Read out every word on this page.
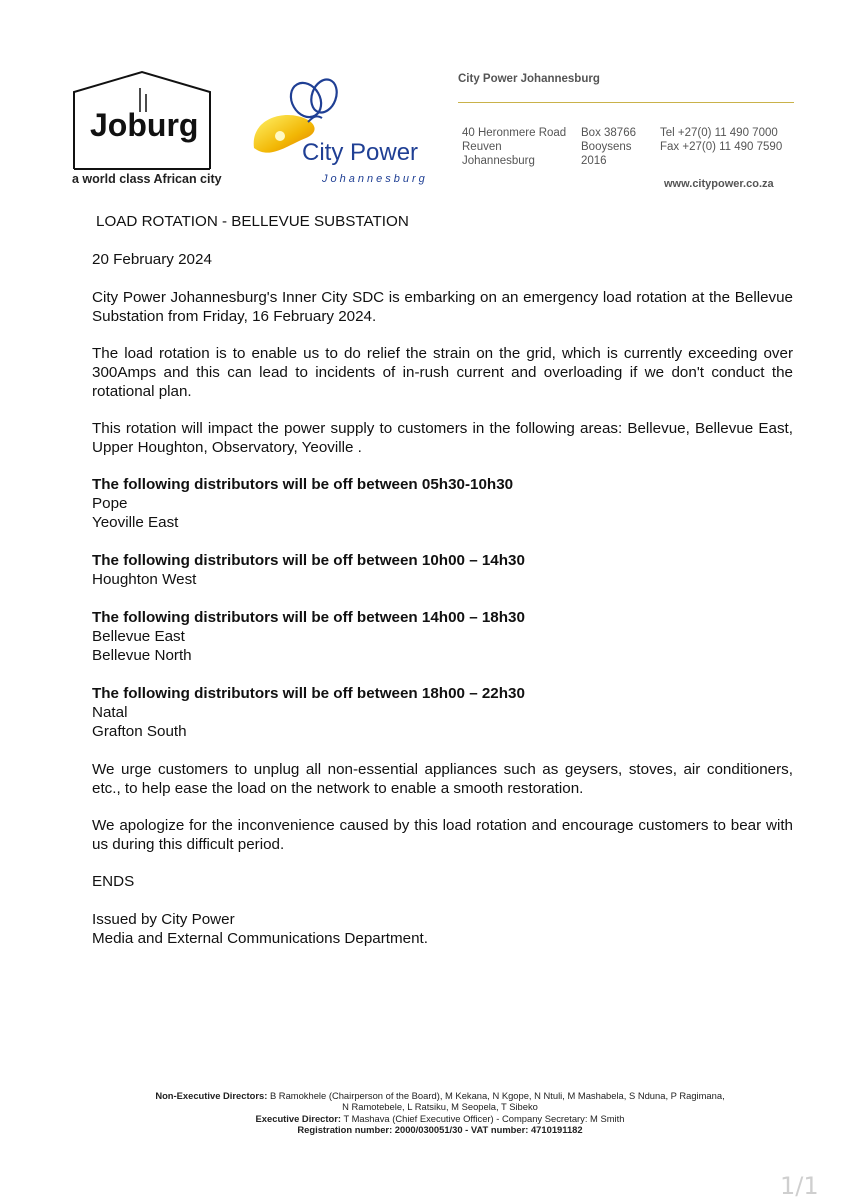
Joburg
a world class African city
City Power
Johannesburg
City Power Johannesburg
40 Heronmere Road
Reuven
Johannesburg
Box 38766
Booysens
2016
Tel +27(0) 11 490 7000
Fax +27(0) 11 490 7590
www.citypower.co.za

LOAD ROTATION - BELLEVUE SUBSTATION

20 February 2024

City Power Johannesburg's Inner City SDC is embarking on an emergency load rotation at the Bellevue Substation from Friday, 16 February 2024.

The load rotation is to enable us to do relief the strain on the grid, which is currently exceeding over 300Amps and this can lead to incidents of in-rush current and overloading if we don't conduct the rotational plan.

This rotation will impact the power supply to customers in the following areas: Bellevue, Bellevue East, Upper Houghton, Observatory, Yeoville .

The following distributors will be off between 05h30-10h30
Pope
Yeoville East
The following distributors will be off between 10h00 – 14h30
Houghton West
The following distributors will be off between 14h00 – 18h30
Bellevue East
Bellevue North
The following distributors will be off between 18h00 – 22h30
Natal
Grafton South

We urge customers to unplug all non-essential appliances such as geysers, stoves, air conditioners, etc., to help ease the load on the network to enable a smooth restoration.

We apologize for the inconvenience caused by this load rotation and encourage customers to bear with us during this difficult period.

ENDS

Issued by City Power
Media and External Communications Department.
Non-Executive Directors: B Ramokhele (Chairperson of the Board), M Kekana, N Kgope, N Ntuli, M Mashabela, S Nduna, P Ragimana,
N Ramotebele, L Ratsiku, M Seopela, T Sibeko
Executive Director: T Mashava (Chief Executive Officer) - Company Secretary: M Smith
Registration number: 2000/030051/30 - VAT number: 4710191182
1/1
